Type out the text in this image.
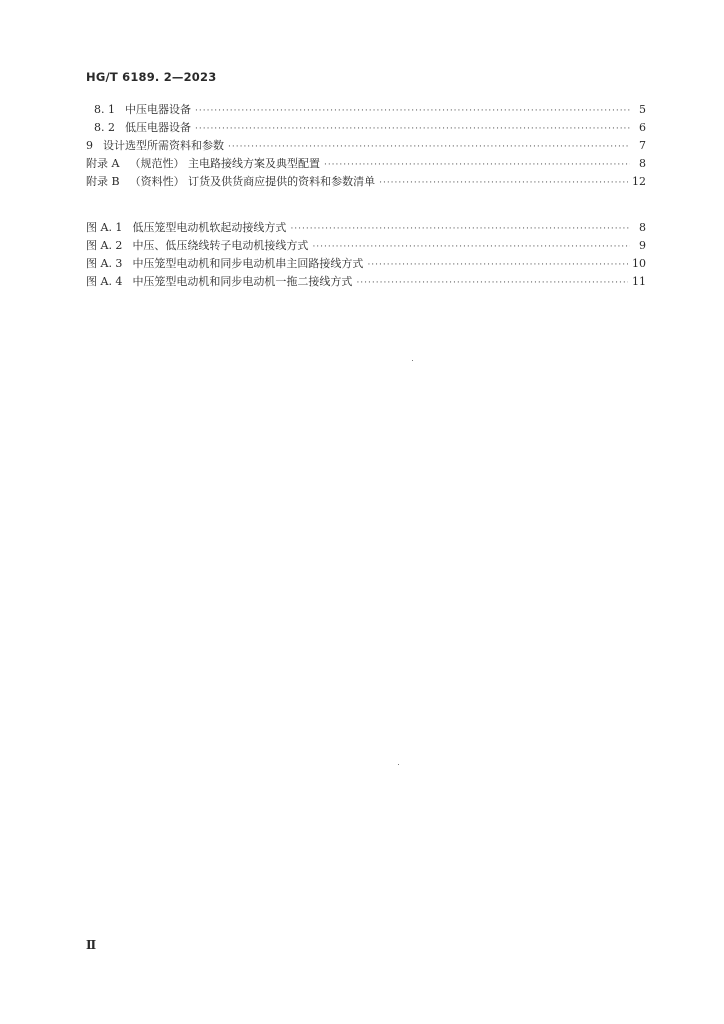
HG/T 6189. 2—2023
8. 1 中压电器设备 ·····	5
8. 2 低压电器设备 ·····	6
9 设计选型所需资料和参数 ·····	7
附录 A （规范性） 主电路接线方案及典型配置 ·····	8
附录 B （资料性） 订货及供货商应提供的资料和参数清单 ·····	12
图 A. 1 低压笼型电动机软起动接线方式 ·····	8
图 A. 2 中压、低压绕线转子电动机接线方式 ·····	9
图 A. 3 中压笼型电动机和同步电动机串主回路接线方式 ·····	10
图 A. 4 中压笼型电动机和同步电动机一拖二接线方式 ·····	11
Ⅱ
